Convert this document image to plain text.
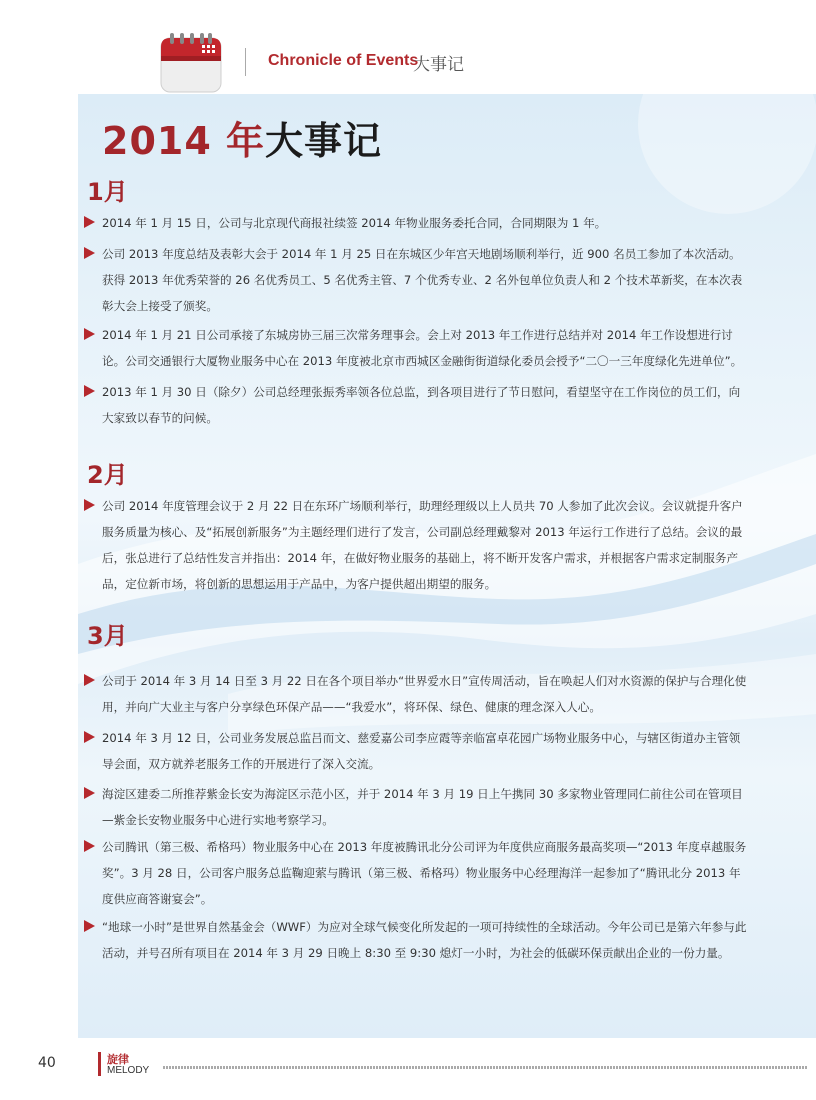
Chronicle of Events
大事记
2014 年大事记
1月
2014 年 1 月 15 日，公司与北京现代商报社续签 2014 年物业服务委托合同，合同期限为 1 年。
公司 2013 年度总结及表彰大会于 2014 年 1 月 25 日在东城区少年宫天地剧场顺利举行，近 900 名员工参加了本次活动。获得 2013 年优秀荣誉的 26 名优秀员工、5 名优秀主管、7 个优秀专业、2 名外包单位负责人和 2 个技术革新奖，在本次表彰大会上接受了颁奖。
2014 年 1 月 21 日公司承接了东城房协三届三次常务理事会。会上对 2013 年工作进行总结并对 2014 年工作设想进行讨论。公司交通银行大厦物业服务中心在 2013 年度被北京市西城区金融街街道绿化委员会授予“二〇一三年度绿化先进单位”。
2013 年 1 月 30 日（除夕）公司总经理张振秀率领各位总监，到各项目进行了节日慰问，看望坚守在工作岗位的员工们，向大家致以春节的问候。
2月
公司 2014 年度管理会议于 2 月 22 日在东环广场顺利举行，助理经理级以上人员共 70 人参加了此次会议。会议就提升客户服务质量为核心、及“拓展创新服务”为主题经理们进行了发言，公司副总经理戴黎对 2013 年运行工作进行了总结。会议的最后，张总进行了总结性发言并指出：2014 年，在做好物业服务的基础上，将不断开发客户需求，并根据客户需求定制服务产品，定位新市场，将创新的思想运用于产品中，为客户提供超出期望的服务。
3月
公司于 2014 年 3 月 14 日至 3 月 22 日在各个项目举办“世界爱水日”宣传周活动，旨在唤起人们对水资源的保护与合理化使用，并向广大业主与客户分享绿色环保产品——“我爱水”，将环保、绿色、健康的理念深入人心。
2014 年 3 月 12 日，公司业务发展总监吕而文、慈爱嘉公司李应霞等亲临富卓花园广场物业服务中心，与辖区街道办主管领导会面，双方就养老服务工作的开展进行了深入交流。
海淀区建委二所推荐紫金长安为海淀区示范小区，并于 2014 年 3 月 19 日上午携同 30 多家物业管理同仁前往公司在管项目—紫金长安物业服务中心进行实地考察学习。
公司腾讯（第三极、希格玛）物业服务中心在 2013 年度被腾讯北分公司评为年度供应商服务最高奖项—“2013 年度卓越服务奖”。3 月 28 日，公司客户服务总监鞠迎萦与腾讯（第三极、希格玛）物业服务中心经理海洋一起参加了“腾讯北分 2013 年度供应商答谢宴会”。
“地球一小时”是世界自然基金会（WWF）为应对全球气候变化所发起的一项可持续性的全球活动。今年公司已是第六年参与此活动，并号召所有项目在 2014 年 3 月 29 日晚上 8:30 至 9:30 熄灯一小时，为社会的低碳环保贡献出企业的一份力量。
40	旋律
MELODY
